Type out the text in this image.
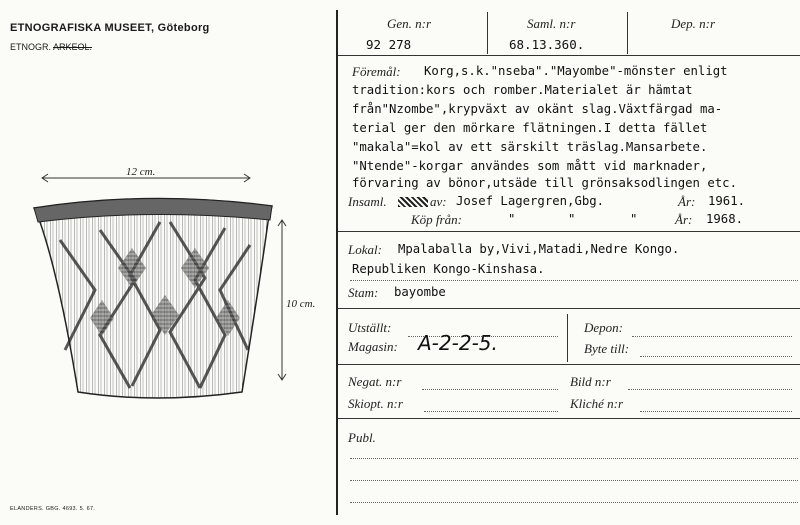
ETNOGRAFISKA MUSEET, Göteborg
ETNOGR. ARKEOL.
12 cm.
10 cm.
ELANDERS. GBG. 4693. 5. 67.
Gen. n:r
92 278
Saml. n:r
68.13.360.
Dep. n:r
Föremål: Korg,s.k."nseba"."Mayombe"-mönster enligt
tradition:kors och romber.Materialet är hämtat
från"Nzombe",krypväxt av okänt slag.Växtfärgad ma-
terial ger den mörkare flätningen.I detta fället
"makala"=kol av ett särskilt träslag.Mansarbete.
"Ntende"-korgar användes som mått vid marknader,
förvaring av bönor,utsäde till grönsaksodlingen etc.
Insaml.	av: Josef Lagergren,Gbg.	År: 1961.
Köp från:	"	"	"	År: 1968.
Lokal: Mpalaballa by,Vivi,Matadi,Nedre Kongo.
Republiken Kongo-Kinshasa.
Stam: bayombe
Utställt:
Magasin: A-2-2-5.
Depon:
Byte till:
Negat. n:r	Bild n:r
Skiopt. n:r	Kliché n:r
Publ.
